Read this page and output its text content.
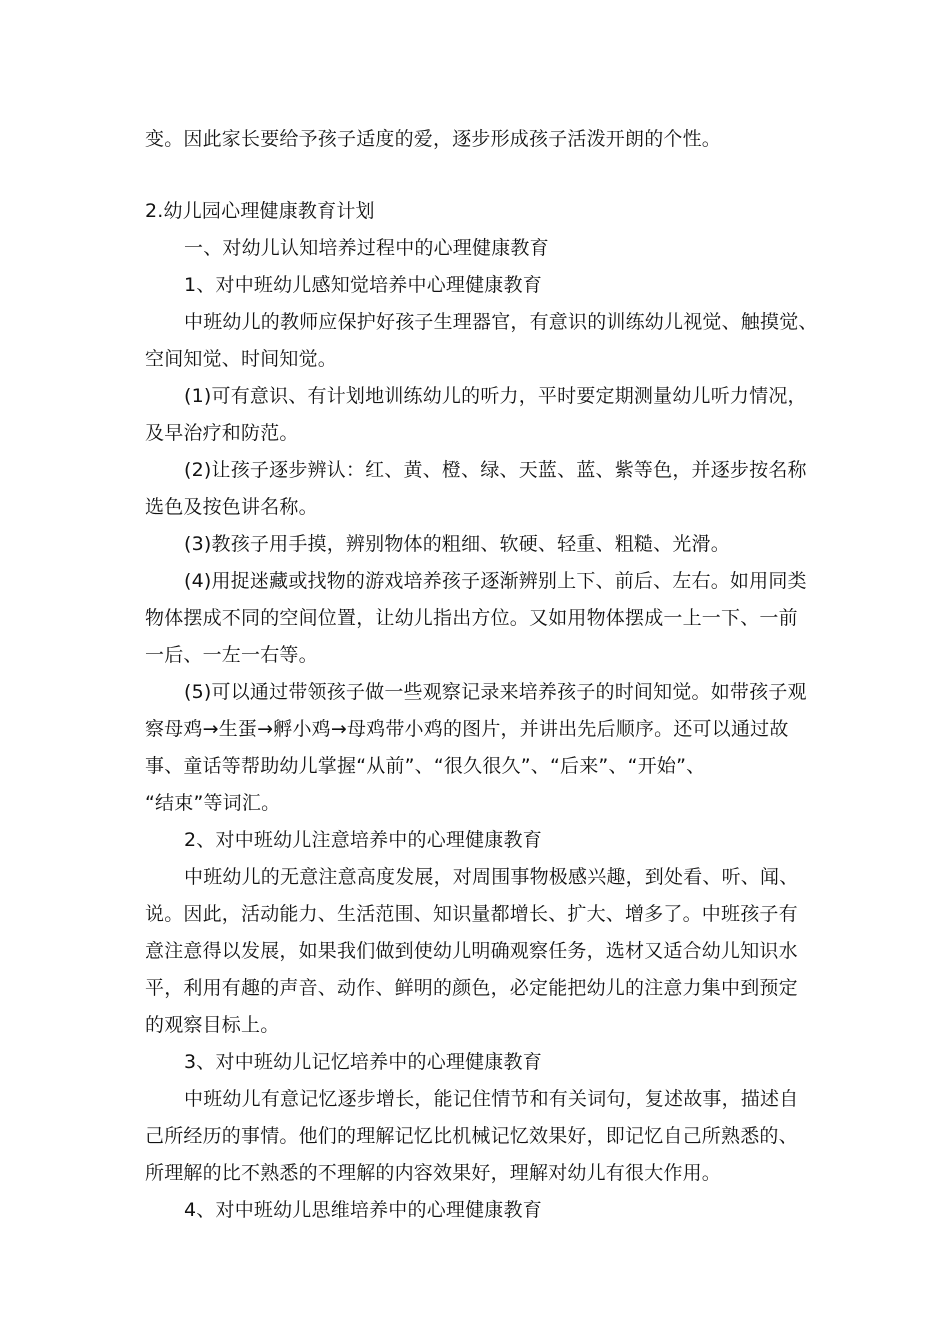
变。因此家长要给予孩子适度的爱，逐步形成孩子活泼开朗的个性。

2.幼儿园心理健康教育计划

一、对幼儿认知培养过程中的心理健康教育

1、对中班幼儿感知觉培养中心理健康教育

中班幼儿的教师应保护好孩子生理器官，有意识的训练幼儿视觉、触摸觉、

空间知觉、时间知觉。

(1)可有意识、有计划地训练幼儿的听力，平时要定期测量幼儿听力情况，

及早治疗和防范。

(2)让孩子逐步辨认：红、黄、橙、绿、天蓝、蓝、紫等色，并逐步按名称

选色及按色讲名称。

(3)教孩子用手摸，辨别物体的粗细、软硬、轻重、粗糙、光滑。

(4)用捉迷藏或找物的游戏培养孩子逐渐辨别上下、前后、左右。如用同类

物体摆成不同的空间位置，让幼儿指出方位。又如用物体摆成一上一下、一前

一后、一左一右等。

(5)可以通过带领孩子做一些观察记录来培养孩子的时间知觉。如带孩子观

察母鸡→生蛋→孵小鸡→母鸡带小鸡的图片，并讲出先后顺序。还可以通过故

事、童话等帮助幼儿掌握“从前”、“很久很久”、“后来”、“开始”、

“结束”等词汇。

2、对中班幼儿注意培养中的心理健康教育

中班幼儿的无意注意高度发展，对周围事物极感兴趣，到处看、听、闻、

说。因此，活动能力、生活范围、知识量都增长、扩大、增多了。中班孩子有

意注意得以发展，如果我们做到使幼儿明确观察任务，选材又适合幼儿知识水

平，利用有趣的声音、动作、鲜明的颜色，必定能把幼儿的注意力集中到预定

的观察目标上。

3、对中班幼儿记忆培养中的心理健康教育

中班幼儿有意记忆逐步增长，能记住情节和有关词句，复述故事，描述自

己所经历的事情。他们的理解记忆比机械记忆效果好，即记忆自己所熟悉的、

所理解的比不熟悉的不理解的内容效果好，理解对幼儿有很大作用。

4、对中班幼儿思维培养中的心理健康教育
